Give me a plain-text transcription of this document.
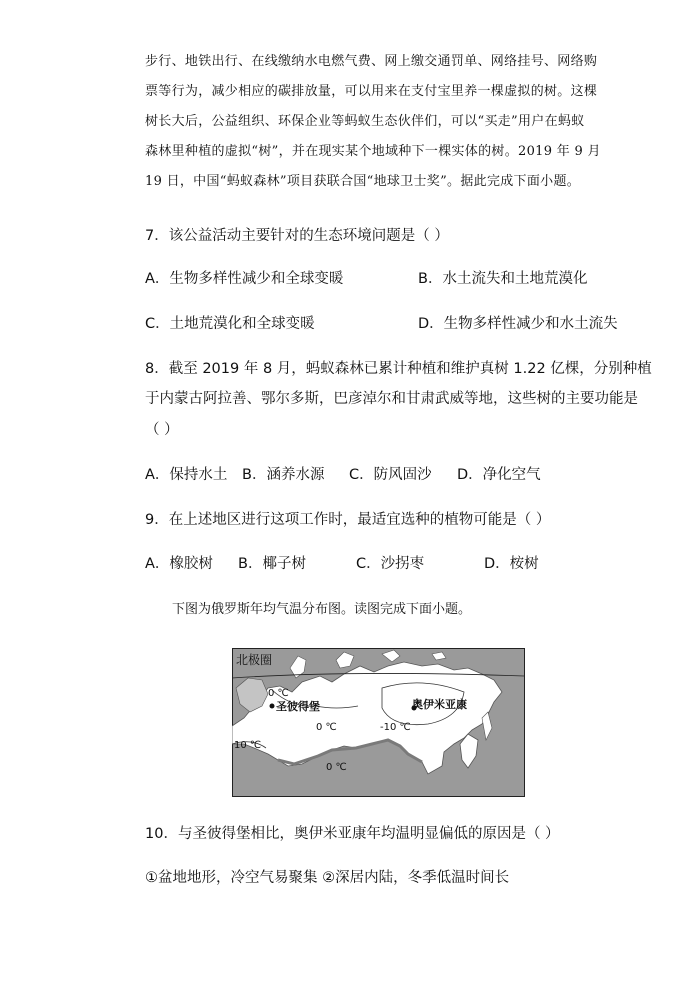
步行、地铁出行、在线缴纳水电燃气费、网上缴交通罚单、网络挂号、网络购
票等行为，减少相应的碳排放量，可以用来在支付宝里养一棵虚拟的树。这棵
树长大后，公益组织、环保企业等蚂蚁生态伙伴们，可以“买走”用户在蚂蚁
森林里种植的虚拟“树”，并在现实某个地域种下一棵实体的树。2019 年 9 月
19 日，中国“蚂蚁森林”项目获联合国“地球卫士奖”。据此完成下面小题。
7．该公益活动主要针对的生态环境问题是（ ）
A．生物多样性减少和全球变暖	B．水土流失和土地荒漠化
C．土地荒漠化和全球变暖	D．生物多样性减少和水土流失
8．截至 2019 年 8 月，蚂蚁森林已累计种植和维护真树 1.22 亿棵，分别种植
于内蒙古阿拉善、鄂尔多斯，巴彦淖尔和甘肃武威等地，这些树的主要功能是
（ ）
A．保持水土 B．涵养水源 C．防风固沙 D．净化空气
9．在上述地区进行这项工作时，最适宜选种的植物可能是（ ）
A．橡胶树 B．椰子树	C．沙拐枣	D．桉树
下图为俄罗斯年均气温分布图。读图完成下面小题。
北极圈
圣彼得堡	奥伊米亚康
0 ℃
0 ℃	-10 ℃
10 ℃
0 ℃
10．与圣彼得堡相比，奥伊米亚康年均温明显偏低的原因是（ ）
①盆地地形，冷空气易聚集 ②深居内陆，冬季低温时间长
